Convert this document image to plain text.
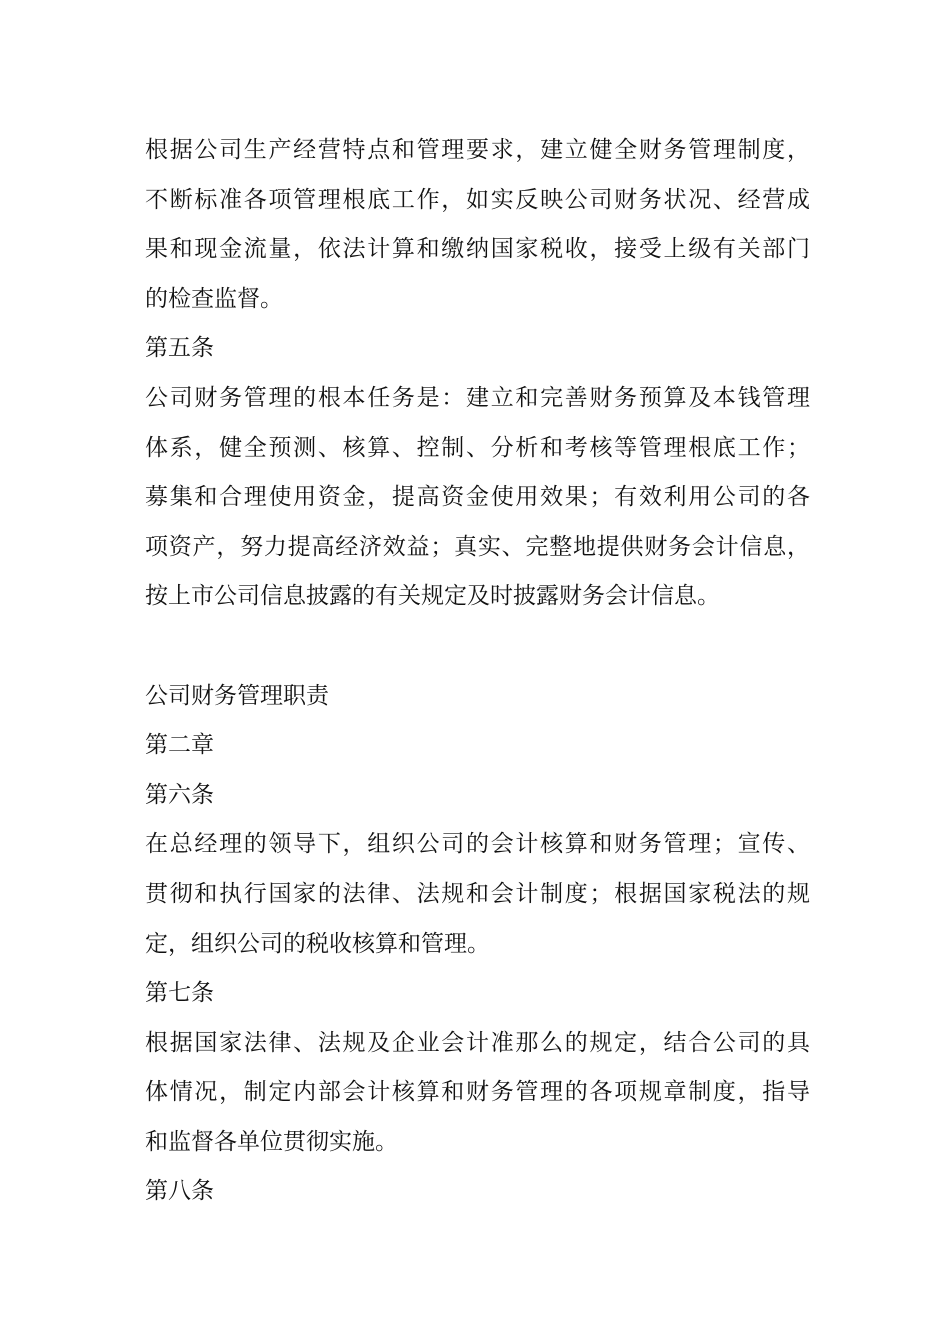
根据公司生产经营特点和管理要求，建立健全财务管理制度，
不断标准各项管理根底工作，如实反映公司财务状况、经营成
果和现金流量，依法计算和缴纳国家税收，接受上级有关部门
的检查监督。
第五条
公司财务管理的根本任务是：建立和完善财务预算及本钱管理
体系，健全预测、核算、控制、分析和考核等管理根底工作；
募集和合理使用资金，提高资金使用效果；有效利用公司的各
项资产，努力提高经济效益；真实、完整地提供财务会计信息，
按上市公司信息披露的有关规定及时披露财务会计信息。
公司财务管理职责
第二章
第六条
在总经理的领导下，组织公司的会计核算和财务管理；宣传、
贯彻和执行国家的法律、法规和会计制度；根据国家税法的规
定，组织公司的税收核算和管理。
第七条
根据国家法律、法规及企业会计准那么的规定，结合公司的具
体情况，制定内部会计核算和财务管理的各项规章制度，指导
和监督各单位贯彻实施。
第八条
